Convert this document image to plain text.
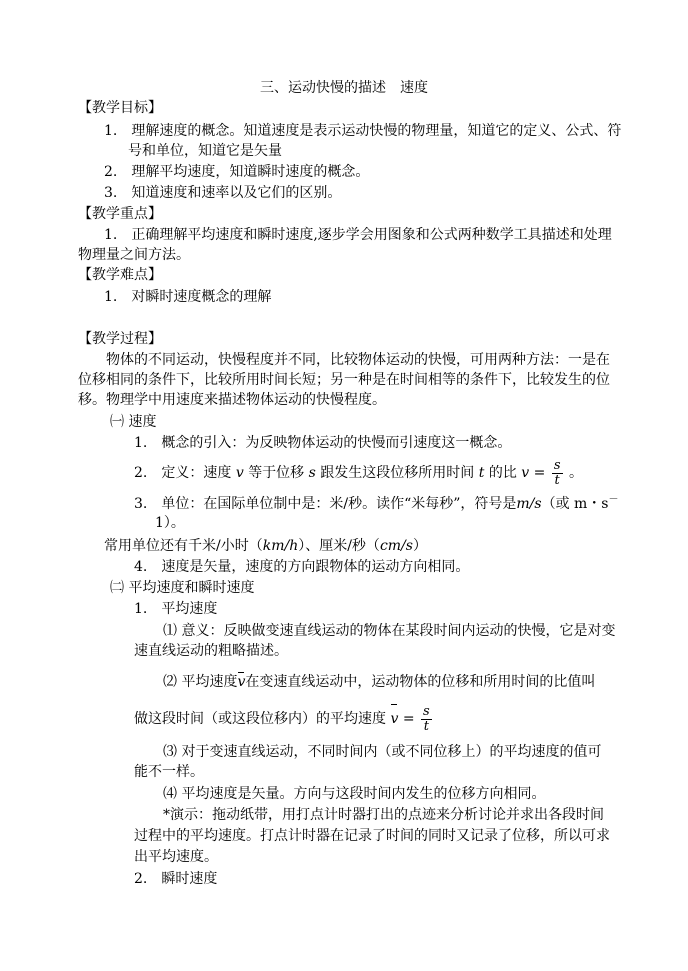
三、运动快慢的描述　速度
【教学目标】
1.　理解速度的概念。知道速度是表示运动快慢的物理量，知道它的定义、公式、符
号和单位，知道它是矢量
2.　理解平均速度，知道瞬时速度的概念。
3.　知道速度和速率以及它们的区别。
【教学重点】
1.　正确理解平均速度和瞬时速度,逐步学会用图象和公式两种数学工具描述和处理
物理量之间方法。
【教学难点】
1.　对瞬时速度概念的理解
【教学过程】
物体的不同运动，快慢程度并不同，比较物体运动的快慢，可用两种方法：一是在
位移相同的条件下，比较所用时间长短；另一种是在时间相等的条件下，比较发生的位
移。物理学中用速度来描述物体运动的快慢程度。
㈠ 速度
1.　概念的引入：为反映物体运动的快慢而引速度这一概念。
2.　定义：速度 v 等于位移 s 跟发生这段位移所用时间 t 的比 $v = \frac{s}{t}$ 。
3.　单位：在国际单位制中是：米/秒。读作“米每秒”，符号是m/s（或 m・s－
1）。
常用单位还有千米/小时（km/h）、厘米/秒（cm/s）
4.　速度是矢量，速度的方向跟物体的运动方向相同。
㈡ 平均速度和瞬时速度
1.　平均速度
⑴ 意义：反映做变速直线运动的物体在某段时间内运动的快慢，它是对变
速直线运动的粗略描述。
⑵ 平均速度v在变速直线运动中，运动物体的位移和所用时间的比值叫
做这段时间（或这段位移内）的平均速度 $v = \frac{s}{t}$
⑶ 对于变速直线运动，不同时间内（或不同位移上）的平均速度的值可
能不一样。
⑷ 平均速度是矢量。方向与这段时间内发生的位移方向相同。
*演示：拖动纸带，用打点计时器打出的点迹来分析讨论并求出各段时间
过程中的平均速度。打点计时器在记录了时间的同时又记录了位移，所以可求
出平均速度。
2.　瞬时速度
